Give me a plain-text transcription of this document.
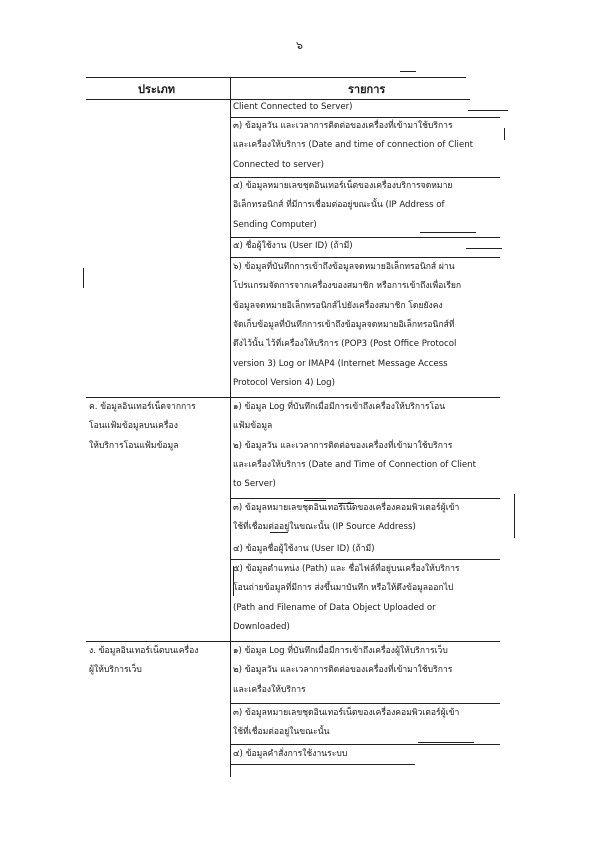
๖
ประเภท	รายการ
Client Connected to Server)
๓) ข้อมูลวัน และเวลาการติดต่อของเครื่องที่เข้ามาใช้บริการ
และเครื่องให้บริการ (Date and time of connection of Client
Connected to server)
๔) ข้อมูลหมายเลขชุดอินเทอร์เน็ตของเครื่องบริการจดหมาย
อิเล็กทรอนิกส์ ที่มีการเชื่อมต่ออยู่ขณะนั้น (IP Address of
Sending Computer)
๕) ชื่อผู้ใช้งาน (User ID) (ถ้ามี)
๖) ข้อมูลที่บันทึกการเข้าถึงข้อมูลจดหมายอิเล็กทรอนิกส์ ผ่าน
โปรแกรมจัดการจากเครื่องของสมาชิก หรือการเข้าถึงเพื่อเรียก
ข้อมูลจดหมายอิเล็กทรอนิกส์ไปยังเครื่องสมาชิก โดยยังคง
จัดเก็บข้อมูลที่บันทึกการเข้าถึงข้อมูลจดหมายอิเล็กทรอนิกส์ที่
ดึงไว้นั้น ไว้ที่เครื่องให้บริการ (POP3 (Post Office Protocol
version 3) Log or IMAP4 (Internet Message Access
Protocol Version 4) Log)
ค. ข้อมูลอินเทอร์เน็ตจากการ
โอนแฟ้มข้อมูลบนเครื่อง
ให้บริการโอนแฟ้มข้อมูล
๑) ข้อมูล Log ที่บันทึกเมื่อมีการเข้าถึงเครื่องให้บริการโอน
แฟ้มข้อมูล
๒) ข้อมูลวัน และเวลาการติดต่อของเครื่องที่เข้ามาใช้บริการ
และเครื่องให้บริการ (Date and Time of Connection of Client
to Server)
๓) ข้อมูลหมายเลขชุดอินเทอร์เน็ตของเครื่องคอมพิวเตอร์ผู้เข้า
ใช้ที่เชื่อมต่ออยู่ในขณะนั้น (IP Source Address)
๔) ข้อมูลชื่อผู้ใช้งาน (User ID) (ถ้ามี)
๕) ข้อมูลตำแหน่ง (Path) และ ชื่อไฟล์ที่อยู่บนเครื่องให้บริการ
โอนถ่ายข้อมูลที่มีการ ส่งขึ้นมาบันทึก หรือให้ดึงข้อมูลออกไป
(Path and Filename of Data Object Uploaded or
Downloaded)
ง. ข้อมูลอินเทอร์เน็ตบนเครื่อง
ผู้ให้บริการเว็บ
๑) ข้อมูล Log ที่บันทึกเมื่อมีการเข้าถึงเครื่องผู้ให้บริการเว็บ
๒) ข้อมูลวัน และเวลาการติดต่อของเครื่องที่เข้ามาใช้บริการ
และเครื่องให้บริการ
๓) ข้อมูลหมายเลขชุดอินเทอร์เน็ตของเครื่องคอมพิวเตอร์ผู้เข้า
ใช้ที่เชื่อมต่ออยู่ในขณะนั้น
๔) ข้อมูลคำสั่งการใช้งานระบบ
